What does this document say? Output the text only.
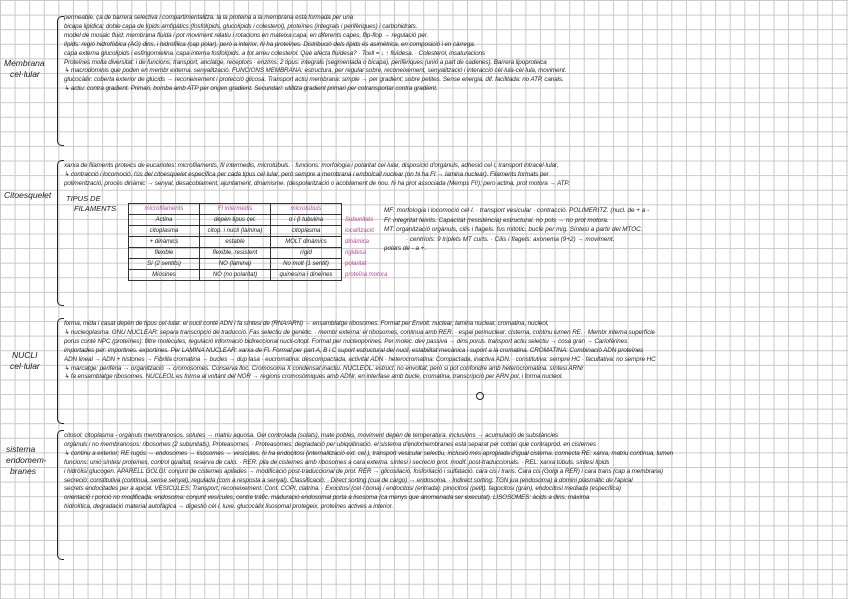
Membrana
cel·lular
permeable. ça de barrera selectiva i compartimentalitza. la la proteina a la membrana està formada per una
bicapa lipídica; doble capa de lípids amfipàtics (fosfolípids, glucolípids i colesterol), proteïnes (integrals i perifèriques) i carbohidrats.
model de mosaic fluid: membrana fluida i pot moviment relatiu i rotacions en mateixa capa. en diferents capes, flip-flop → regulació per.
lípids: regió hidrofòbica (AG) dins, i hidrofílica (cap polar), però a interior, hi ha proteïnes. Distribució dels lípids és asimètrica, en composició i en càrrega.
capa externa glucolípids i esfingomielina. capa interna fosfolípids. a tot arreu colesterol. Què afecta fluïdesa? · Tcell = ↓ ↑ fluïdesa. · Colesterol, insaturacions
Proteïnes molta diversitat: i de funcions; transport, anclatge, receptors · enzims. 2 tipus: integrals (segmentada o bicapa), perifèriques (unió a part de cadenes). Barrera lipoproteica
↳ macrodominis que poden en membr externa. senyalització. FUNCIONS MEMBRANA: estructura, per regular sobre, reconeixement, senyalització i interacció cèl·lula-cèl·lula, moviment.
glucocàlix: coberta exterior de glúcids → reconeixement i protecció glicosa. Transport actiu membrana: simple → per gradient; sobre petites. Sense energia. dif. facilitada: no ATP, canals.
↳ actiu: contra gradient. Primari, bomba amb ATP per origen gradient. Secundari: utilitza gradient primari per cotransportar contra gradient.
Citoesquelet
xarxa de filaments proteics de eucariotes: microfilaments, fil intermedis, microtúbuls. · funcions: morfologia i polaritat cel·lular, disposició d'orgànuls, adhesió cel·l, transport intracel·lular,
↳ contracció i locomoció. l'ús del citoesquelet específica per cada tipus cel·lular, però sempre a membrana i embolcall nuclear (on hi ha FI → lamina nuclear). Filaments formats per
polimerització, procés dinàmic → senyal, desacoblament, ajuntament, dinamisme. (despolarització o acoblament de nou. hi ha prot associada (Memps FI!); pero actina, prot motora → ATP.
TIPUS DE
FILAMENTS	microfilaments	FI intermedis	microtúbuls	
Actina	depèn tipus cel.	α i β tubulina	Subunitats
citoplasma	citop. i nucli (làmina)	citoplasma	localització
+ dinàmics	estable	MOLT dinàmics	dinàmica
flexible	flexible, resistent	rígid	rigidesa
Sí (2 sentits)	NO (lamina)	No molt (1 sentit)	polaritat
Miosines	NO (no polaritat)	quinesina i dineïnes	proteïna motora
MF: morfologia i locomoció cel·l. · transport vesicular · contracció. POLIMERITZ. (nucl. de + a -
FI: integritat teixits. Capacitat (resistència) estructural. no pols → no prot motora.
MT: organització orgànuls, cilis i flagels. fus mitòtic. bucle per mig. Síntesi a partir del MTOC.
· centríols: 9 triplets MT curts. · Cilis i flagels: axonema (9+2) → moviment.
polars de - a +.
NUCLI
cel·lular
forma, mida i casat depèn de tipus cel·lular. el nucli conté ADN i fa síntesi de (RNA/ARN) → ensamblatge ribosomes. Format per Envolt. nuclear, lamina nuclear, cromatina, nucleol,
↳ nucleoplasma. GNU NUCLEAR: separa transcripció de traducció. Fas selectiu de genètic. · membr externa: el ribosomes, continua amb RER. · espai perinuclear: cisterna, continu lumen RE. · Membr interna superfície
porus conté NPC (proteïnes): filtre molècules, regulació informació bidireccional nucli-citopl. Format per nucleoporines. Per molec. dev passiva → dins porus. transport actiu selectiu → cosa gran → Cariofèrines
importades per: importines. exportines. Per LAMINA NUCLEAR: xarxa de FI. Format per part A, B i C suport estructural del nucli, estabilitat mecànica i suport a la cromatina. CROMATINA: Combinació ADN proteïnes
ADN lineal → ADN + histones → Fibrilla cromatina → bucles → dup lasa · eucromatina: descompactada, activitat ADN · heterocromatina: Compactada, inactiva ADN. · constitutiva: sempre HC · facultativa: no sempre HC
↳ marcatge: perifèria → organització → cromosomes. Conserva lloc. Cromosoma X condensat inactiu. NUCLEOL: estruct. no envoltat, però si pot confondre amb heterocromatina. síntesi ARNr
↳ fa ensamblatge ribosomes. NUCLEOL es forma al voltant del NOR → regions cromosòmiques amb ADNr, en interfase amb bucle, cromatina, transcripció per ARN pol, i forma nucleol.
sistema
endomem-
branes
citosol: citoplasma - orgànuls membranosos. solutes → matriu aquosa. Gel controlada (solats), mate pobles, moviment depèn de temperatura. inclusions → acumulació de substàncies
orgànuls i no membranosos: ribosomes (2 subunitats), Proteasomes. · Proteasomes: degradació per ubiquitinació. el sistema d'endomembranes està separat per cotrari que contraprod. en cisternes
↳ continu a exterior; RE rugós → endosomes → lisosomes → vesícules. hi ha endocitosi (internalització ext. cel.), transport vesicular selectiu, inclusió més apropiada d'igual cisterna. connecta RE: xarxa, matriu contínua, lumen
funcions: unió síntesi proteïnes, control qualitat, reserva de calci. · RER: pila de cisternes amb ribosomes a cara externa. síntesi i secreció prot. modif. post-traduccionals. · REL: xarxa túbuls. síntesi lípids
i hidròlisi glucogen. APARELL GOLGI: conjunt de cisternes apilades → modificació post-traduccional de prot. RER → glicosilació, fosforilació i sulfatació. cara cis i trans. Cara cis (Golgi a RER) i cara trans (cap a membrana)
secreció: constitutiva (contínua, sense senyal), regulada (com a resposta a senyal). Classificació: · Direct sorting (cua de cargo) → endosoma. · Indirect sorting: TGN jua (endosoma) a domini plasmàtic de l'apical
secrets endocitades per a apical. VESÍCULES: Transport, reconeixement. Cont. COPI, clatrina. · Exocitosi (cel·l bona) i endocitosi (entrada): pinocitosi (petit), fagocitosi (gran), endocitosi mediada (específica)
orientació i porció no modificada. endosoma: conjunt vesícules, centre tràfic. maduració endosomal porta a lisosoma (ca menys que anomenada ser executat). LISOSOMES: àcids a dins, màxima
hidrolítica, degradació material autofàgica → digestió cèl·l. luxe. glucocàlix lisosomal protegeix, proteïnes actives a interior.
